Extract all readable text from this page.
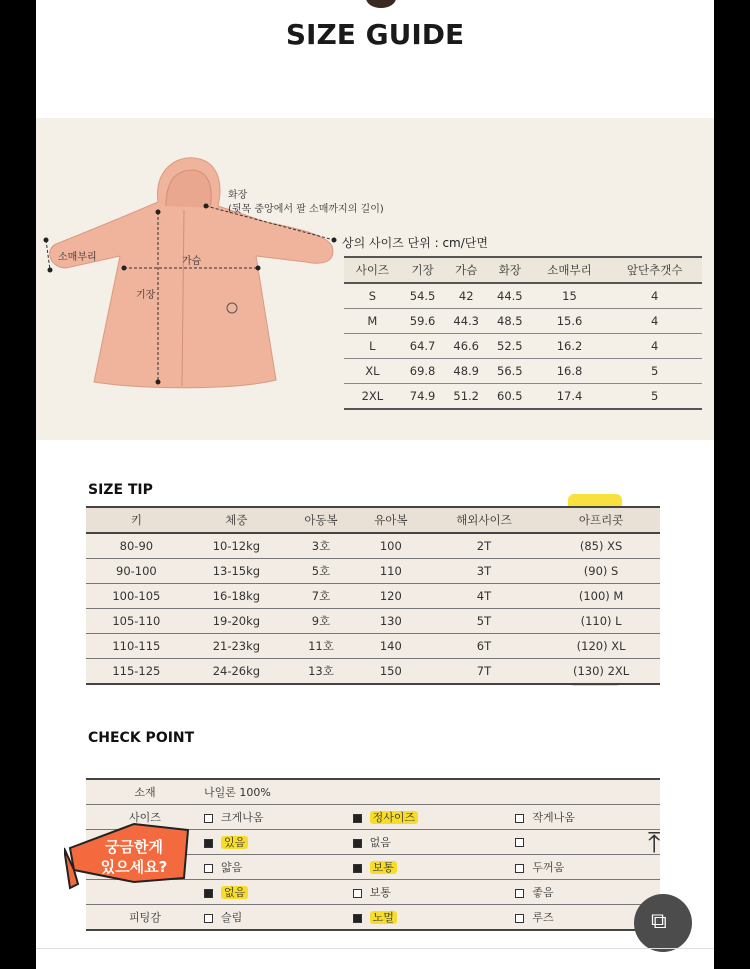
SIZE GUIDE
화장
(뒷목 중앙에서 팔 소매까지의 길이)
소매부리	가슴
기장
상의 사이즈 단위 : cm/단면
사이즈	기장	가슴	화장	소매부리	앞단추갯수
S	54.5	42	44.5	15	4
M	59.6	44.3	48.5	15.6	4
L	64.7	46.6	52.5	16.2	4
XL	69.8	48.9	56.5	16.8	5
2XL	74.9	51.2	60.5	17.4	5
SIZE TIP
키	체중	아동복	유아복	해외사이즈	아프리콧
80-90	10-12kg	3호	100	2T	(85) XS
90-100	13-15kg	5호	110	3T	(90) S
100-105	16-18kg	7호	120	4T	(100) M
105-110	19-20kg	9호	130	5T	(110) L
110-115	21-23kg	11호	140	6T	(120) XL
115-125	24-26kg	13호	150	7T	(130) 2XL
CHECK POINT
소재	나일론 100%		
사이즈	크게나옴	정사이즈	작게나옴
	있음	없음	
	얇음	보통	두꺼움
	없음	보통	좋음
피팅감	슬림	노멀	루즈
궁금한게
있으세요?
⤒
⧉
